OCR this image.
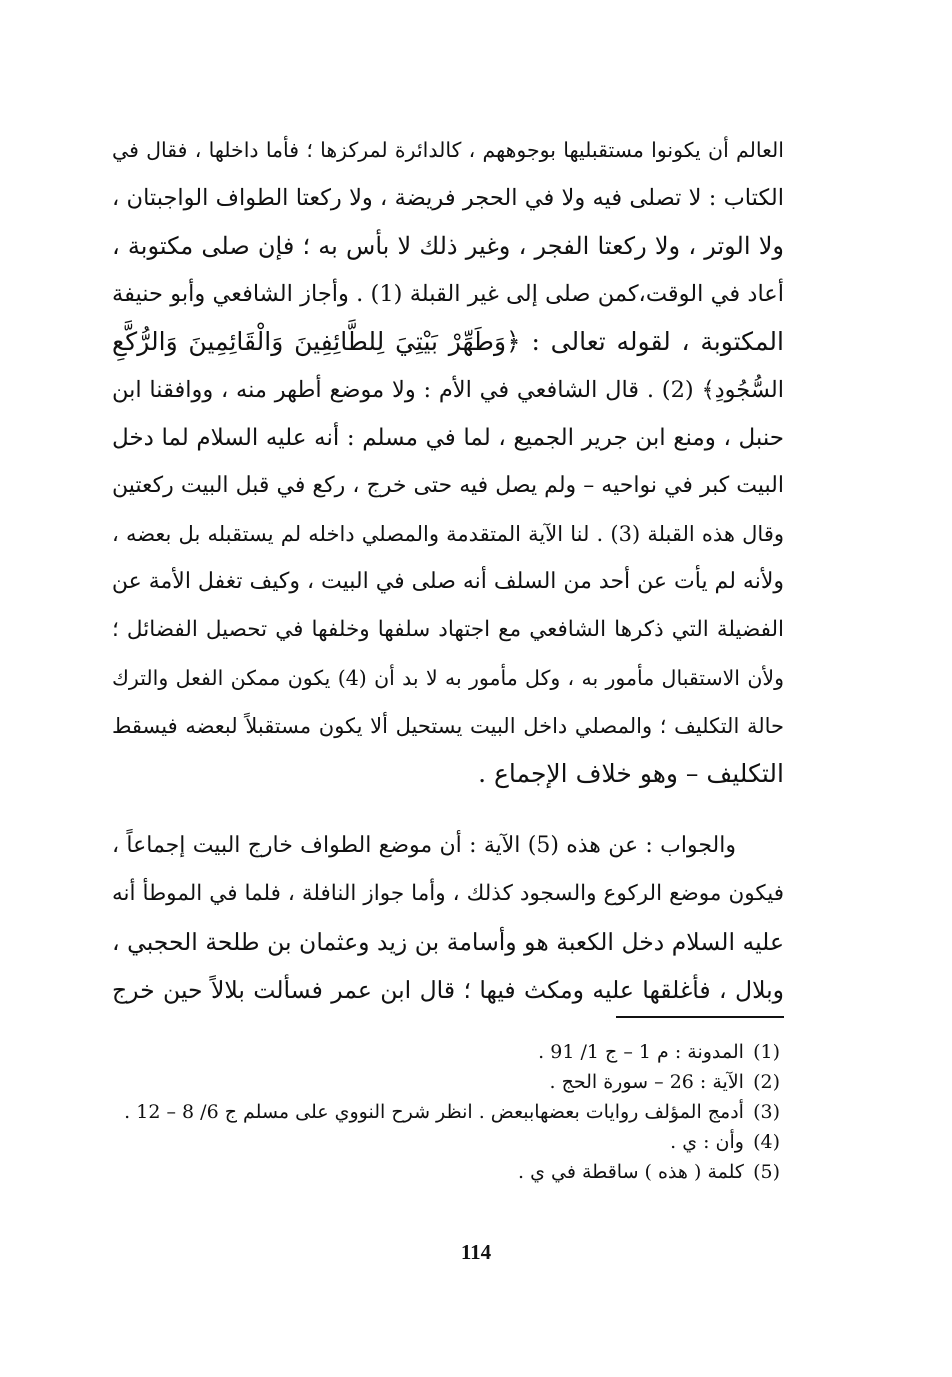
العالم أن يكونوا مستقبليها بوجوههم ، كالدائرة لمركزها ؛ فأما داخلها ، فقال في
الكتاب : لا تصلى فيه ولا في الحجر فريضة ، ولا ركعتا الطواف الواجبتان ،
ولا الوتر ، ولا ركعتا الفجر ، وغير ذلك لا بأس به ؛ فإن صلى مكتوبة ،
أعاد في الوقت،كمن صلى إلى غير القبلة (1) . وأجاز الشافعي وأبو حنيفة
المكتوبة ، لقوله تعالى : ﴿وَطَهِّرْ بَيْتِيَ لِلطَّائِفِينَ وَالْقَائِمِينَ وَالرُّكَّعِ
السُّجُودِ﴾ (2) . قال الشافعي في الأم : ولا موضع أطهر منه ، ووافقنا ابن
حنبل ، ومنع ابن جرير الجميع ، لما في مسلم : أنه عليه السلام لما دخل
البيت كبر في نواحيه – ولم يصل فيه حتى خرج ، ركع في قبل البيت ركعتين
وقال هذه القبلة (3) . لنا الآية المتقدمة والمصلي داخله لم يستقبله بل بعضه ،
ولأنه لم يأت عن أحد من السلف أنه صلى في البيت ، وكيف تغفل الأمة عن
الفضيلة التي ذكرها الشافعي مع اجتهاد سلفها وخلفها في تحصيل الفضائل ؛
ولأن الاستقبال مأمور به ، وكل مأمور به لا بد أن (4) يكون ممكن الفعل والترك
حالة التكليف ؛ والمصلي داخل البيت يستحيل ألا يكون مستقبلاً لبعضه فيسقط
التكليف – وهو خلاف الإجماع .
والجواب : عن هذه (5) الآية : أن موضع الطواف خارج البيت إجماعاً ،
فيكون موضع الركوع والسجود كذلك ، وأما جواز النافلة ، فلما في الموطأ أنه
عليه السلام دخل الكعبة هو وأسامة بن زيد وعثمان بن طلحة الحجبي ،
وبلال ، فأغلقها عليه ومكث فيها ؛ قال ابن عمر فسألت بلالاً حين خرج
(1) المدونة : م 1 – ج 1/ 91 .
(2) الآية : 26 – سورة الحج .
(3) أدمج المؤلف روايات بعضهاببعض . انظر شرح النووي على مسلم ج 6/ 8 – 12 .
(4) وأن : ي .
(5) كلمة ( هذه ) ساقطة في ي .
114
